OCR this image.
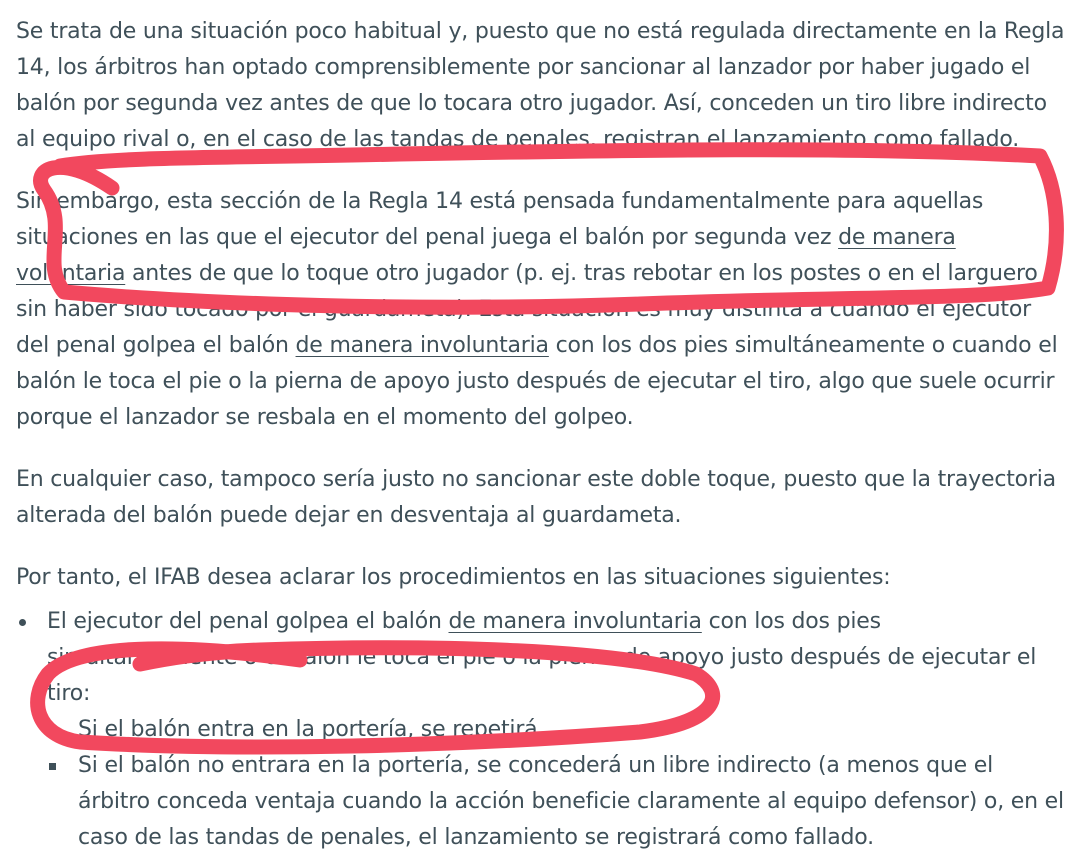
Se trata de una situación poco habitual y, puesto que no está regulada directamente en la Regla 14, los árbitros han optado comprensiblemente por sancionar al lanzador por haber jugado el balón por segunda vez antes de que lo tocara otro jugador. Así, conceden un tiro libre indirecto al equipo rival o, en el caso de las tandas de penales, registran el lanzamiento como fallado.

Sin embargo, esta sección de la Regla 14 está pensada fundamentalmente para aquellas situaciones en las que el ejecutor del penal juega el balón por segunda vez de manera voluntaria antes de que lo toque otro jugador (p. ej. tras rebotar en los postes o en el larguero sin haber sido tocado por el guardameta). Esta situación es muy distinta a cuando el ejecutor del penal golpea el balón de manera involuntaria con los dos pies simultáneamente o cuando el balón le toca el pie o la pierna de apoyo justo después de ejecutar el tiro, algo que suele ocurrir porque el lanzador se resbala en el momento del golpeo.

En cualquier caso, tampoco sería justo no sancionar este doble toque, puesto que la trayectoria alterada del balón puede dejar en desventaja al guardameta.

Por tanto, el IFAB desea aclarar los procedimientos en las situaciones siguientes:

El ejecutor del penal golpea el balón de manera involuntaria con los dos pies simultáneamente o el balón le toca el pie o la pierna de apoyo justo después de ejecutar el tiro:
Si el balón entra en la portería, se repetirá.
Si el balón no entrara en la portería, se concederá un libre indirecto (a menos que el árbitro conceda ventaja cuando la acción beneficie claramente al equipo defensor) o, en el caso de las tandas de penales, el lanzamiento se registrará como fallado.
